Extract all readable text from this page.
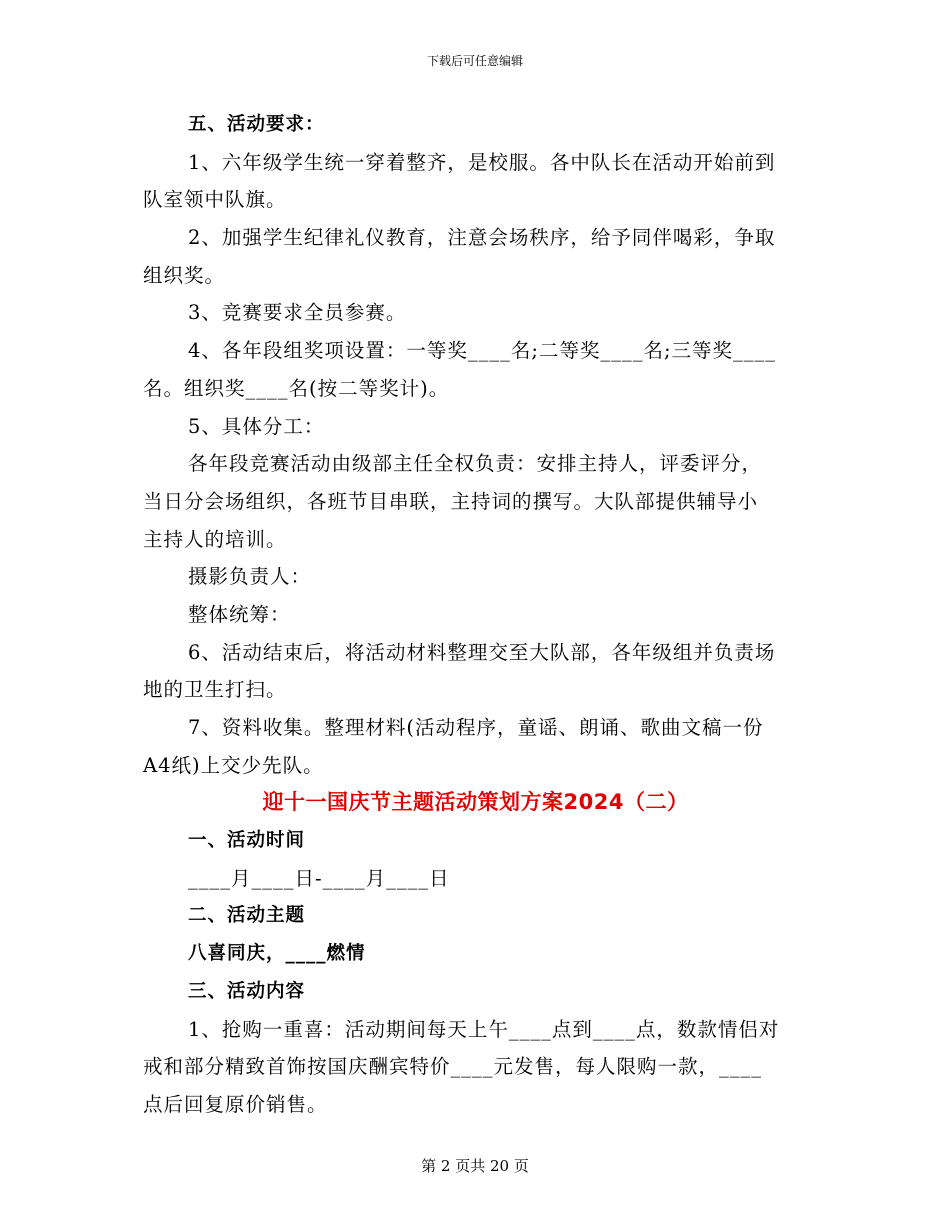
下载后可任意编辑
五、活动要求：
1、六年级学生统一穿着整齐，是校服。各中队长在活动开始前到
队室领中队旗。
2、加强学生纪律礼仪教育，注意会场秩序，给予同伴喝彩，争取
组织奖。
3、竞赛要求全员参赛。
4、各年段组奖项设置：一等奖____名;二等奖____名;三等奖____
名。组织奖____名(按二等奖计)。
5、具体分工：
各年段竞赛活动由级部主任全权负责：安排主持人，评委评分，
当日分会场组织，各班节目串联，主持词的撰写。大队部提供辅导小
主持人的培训。
摄影负责人：
整体统筹：
6、活动结束后，将活动材料整理交至大队部，各年级组并负责场
地的卫生打扫。
7、资料收集。整理材料(活动程序，童谣、朗诵、歌曲文稿一份
A4纸)上交少先队。
迎十一国庆节主题活动策划方案2024（二）
一、活动时间
____月____日-____月____日
二、活动主题
八喜同庆，____燃情
三、活动内容
1、抢购一重喜：活动期间每天上午____点到____点，数款情侣对
戒和部分精致首饰按国庆酬宾特价____元发售，每人限购一款，____
点后回复原价销售。
第 2 页共 20 页
